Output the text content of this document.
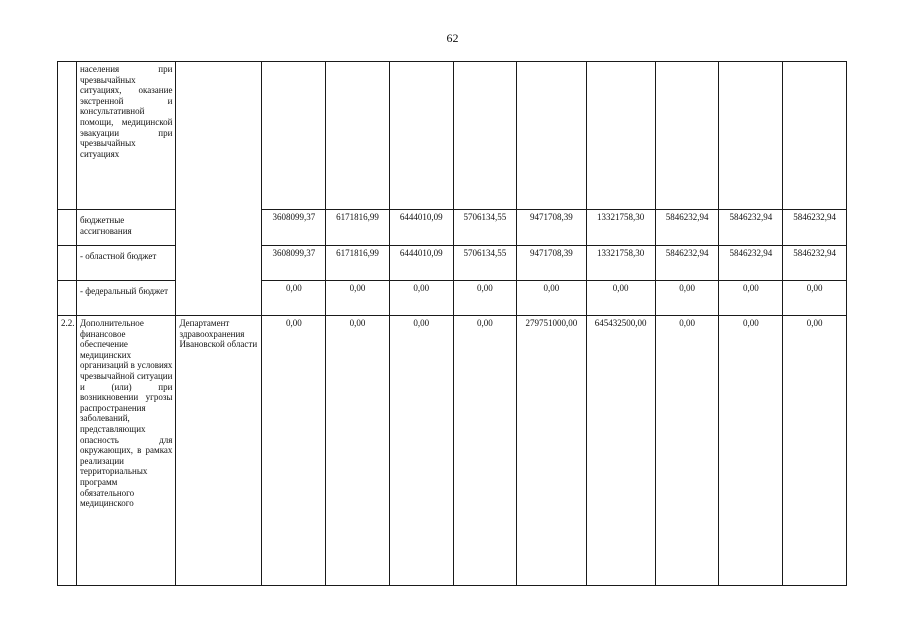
62
	населения при чрезвычайных ситуациях, оказание экстренной и консультативной помощи, медицинской эвакуации при чрезвычайных ситуациях										
	бюджетные ассигнования		3608099,37	6171816,99	6444010,09	5706134,55	9471708,39	13321758,30	5846232,94	5846232,94	5846232,94
	- областной бюджет		3608099,37	6171816,99	6444010,09	5706134,55	9471708,39	13321758,30	5846232,94	5846232,94	5846232,94
	- федеральный бюджет		0,00	0,00	0,00	0,00	0,00	0,00	0,00	0,00	0,00
2.2.	Дополнительное финансовое обеспечение медицинских организаций в условиях чрезвычайной ситуации и (или) при возникновении угрозы распространения заболеваний, представляющих опасность для окружающих, в рамках реализации территориальных программ обязательного медицинского	Департамент здравоохранения Ивановской области	0,00	0,00	0,00	0,00	279751000,00	645432500,00	0,00	0,00	0,00
